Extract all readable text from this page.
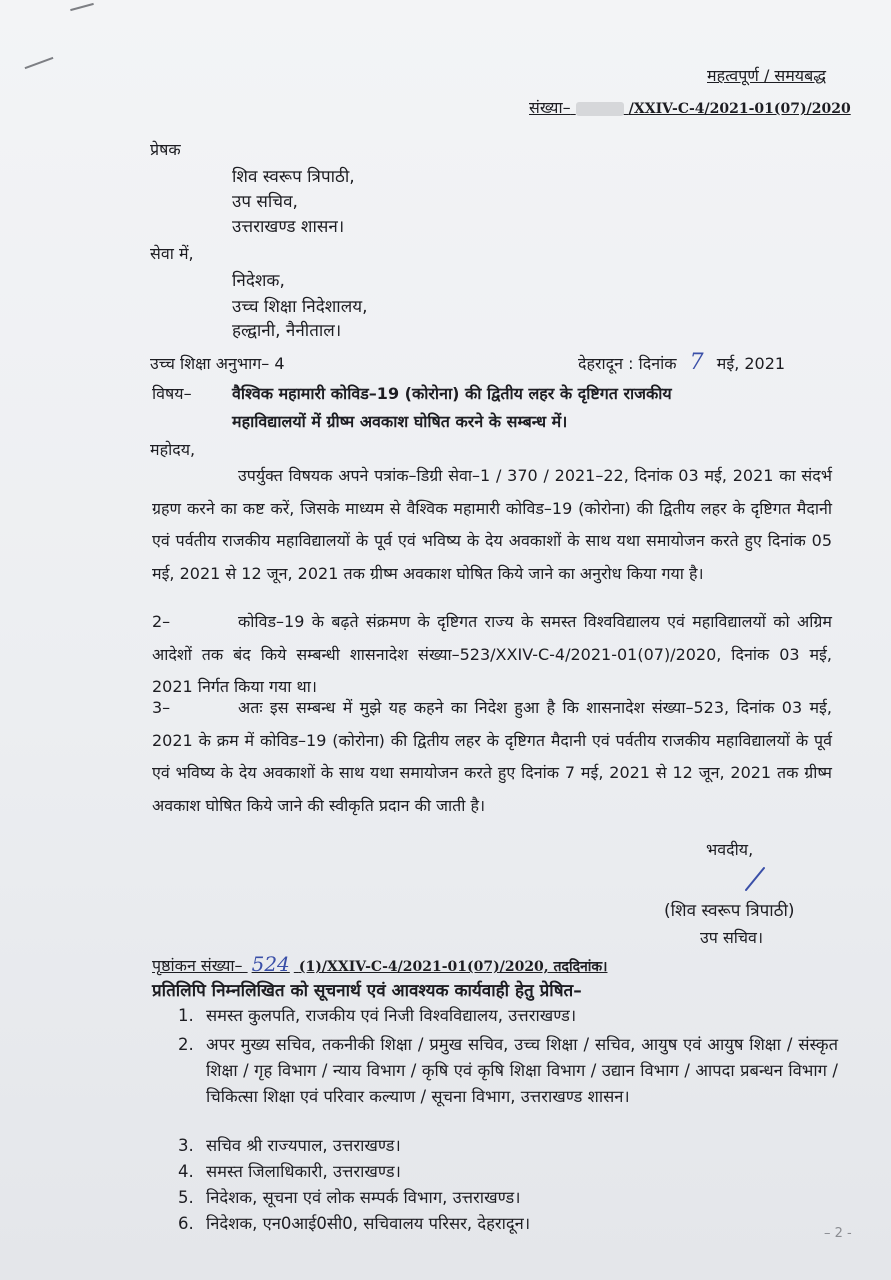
महत्वपूर्ण / समयबद्ध
संख्या–	/XXIV-C-4/2021-01(07)/2020
प्रेषक
शिव स्वरूप त्रिपाठी,
उप सचिव,
उत्तराखण्ड शासन।
सेवा में,
निदेशक,
उच्च शिक्षा निदेशालय,
हल्द्वानी, नैनीताल।
उच्च शिक्षा अनुभाग– 4	देहरादून : दिनांक 7 मई, 2021
विषय–	वैश्विक महामारी कोविड–19 (कोरोना) की द्वितीय लहर के दृष्टिगत राजकीय
महाविद्यालयों में ग्रीष्म अवकाश घोषित करने के सम्बन्ध में।
महोदय,
उपर्युक्त विषयक अपने पत्रांक–डिग्री सेवा–1 / 370 / 2021–22, दिनांक 03 मई, 2021 का संदर्भ ग्रहण करने का कष्ट करें, जिसके माध्यम से वैश्विक महामारी कोविड–19 (कोरोना) की द्वितीय लहर के दृष्टिगत मैदानी एवं पर्वतीय राजकीय महाविद्यालयों के पूर्व एवं भविष्य के देय अवकाशों के साथ यथा समायोजन करते हुए दिनांक 05 मई, 2021 से 12 जून, 2021 तक ग्रीष्म अवकाश घोषित किये जाने का अनुरोध किया गया है।
2–	कोविड–19 के बढ़ते संक्रमण के दृष्टिगत राज्य के समस्त विश्वविद्यालय एवं महाविद्यालयों को अग्रिम आदेशों तक बंद किये सम्बन्धी शासनादेश संख्या–523/XXIV-C-4/2021-01(07)/2020, दिनांक 03 मई, 2021 निर्गत किया गया था।
3–	अतः इस सम्बन्ध में मुझे यह कहने का निदेश हुआ है कि शासनादेश संख्या–523, दिनांक 03 मई, 2021 के क्रम में कोविड–19 (कोरोना) की द्वितीय लहर के दृष्टिगत मैदानी एवं पर्वतीय राजकीय महाविद्यालयों के पूर्व एवं भविष्य के देय अवकाशों के साथ यथा समायोजन करते हुए दिनांक 7 मई, 2021 से 12 जून, 2021 तक ग्रीष्म अवकाश घोषित किये जाने की स्वीकृति प्रदान की जाती है।
भवदीय,
(शिव स्वरूप त्रिपाठी)
उप सचिव।
पृष्ठांकन संख्या– 524 (1)/XXIV-C-4/2021-01(07)/2020, तददिनांक।
प्रतिलिपि निम्नलिखित को सूचनार्थ एवं आवश्यक कार्यवाही हेतु प्रेषित–
1. समस्त कुलपति, राजकीय एवं निजी विश्वविद्यालय, उत्तराखण्ड।
2. अपर मुख्य सचिव, तकनीकी शिक्षा / प्रमुख सचिव, उच्च शिक्षा / सचिव, आयुष एवं आयुष शिक्षा / संस्कृत शिक्षा / गृह विभाग / न्याय विभाग / कृषि एवं कृषि शिक्षा विभाग / उद्यान विभाग / आपदा प्रबन्धन विभाग / चिकित्सा शिक्षा एवं परिवार कल्याण / सूचना विभाग, उत्तराखण्ड शासन।
3. सचिव श्री राज्यपाल, उत्तराखण्ड।
4. समस्त जिलाधिकारी, उत्तराखण्ड।
5. निदेशक, सूचना एवं लोक सम्पर्क विभाग, उत्तराखण्ड।
6. निदेशक, एन0आई0सी0, सचिवालय परिसर, देहरादून।
– 2 -
